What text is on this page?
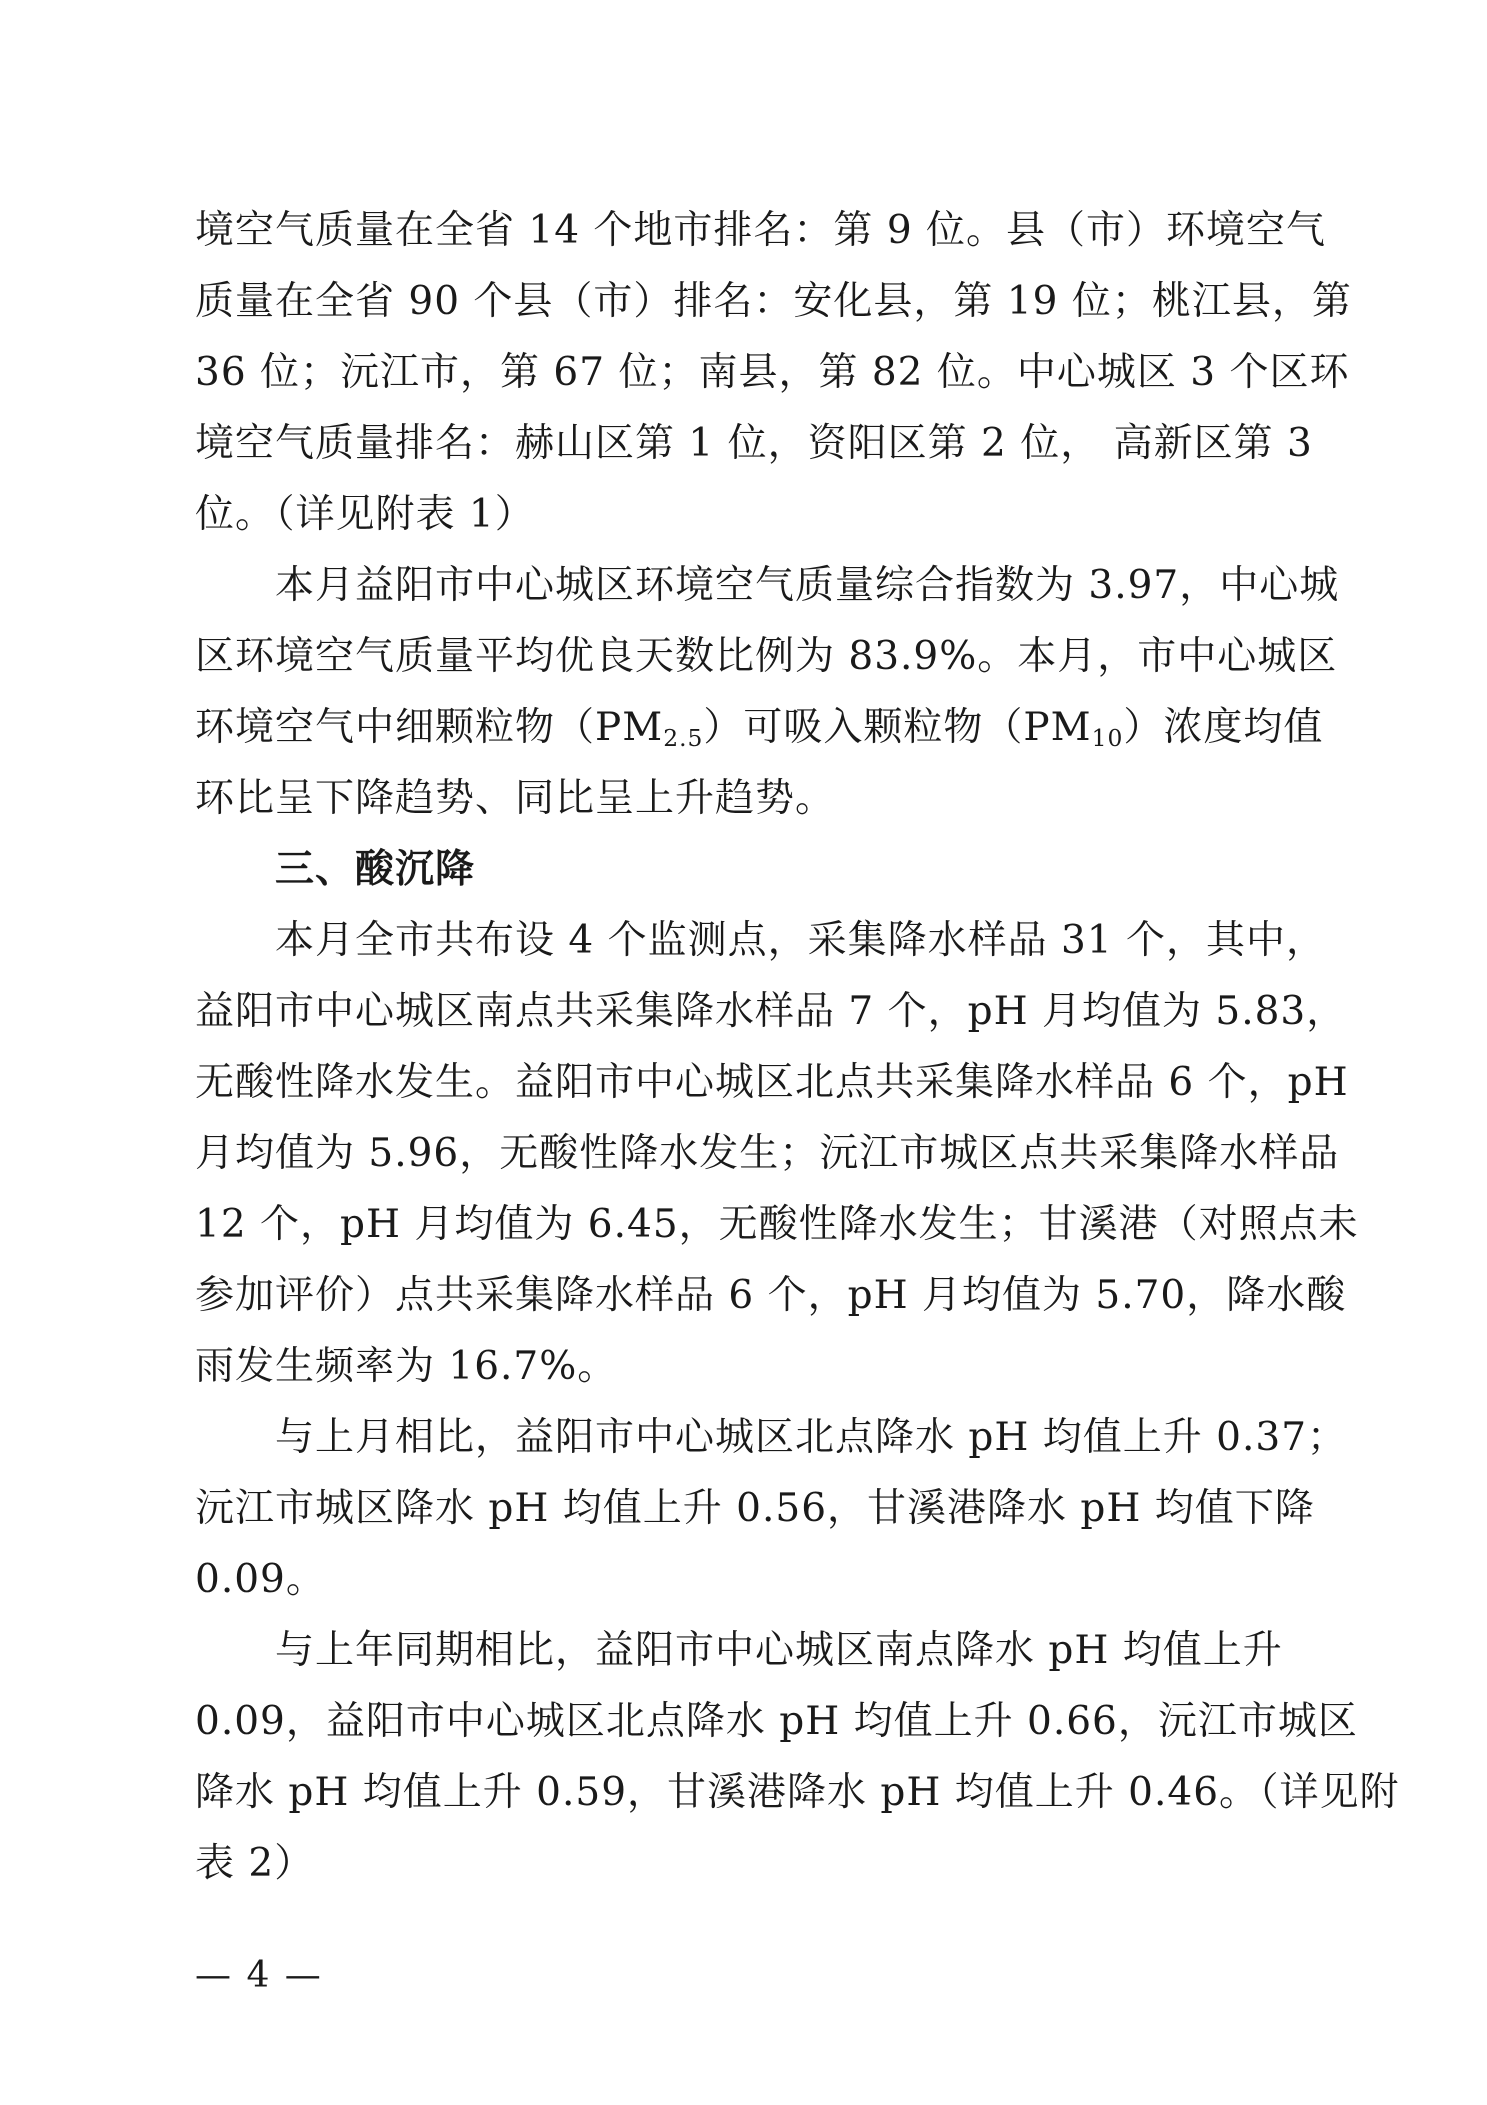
境空气质量在全省 14 个地市排名：第 9 位。县（市）环境空气
质量在全省 90 个县（市）排名：安化县，第 19 位；桃江县，第
36 位；沅江市，第 67 位；南县，第 82 位。中心城区 3 个区环
境空气质量排名：赫山区第 1 位，资阳区第 2 位， 高新区第 3
位。（详见附表 1）
本月益阳市中心城区环境空气质量综合指数为 3.97，中心城
区环境空气质量平均优良天数比例为 83.9%。本月，市中心城区
环境空气中细颗粒物$(PM_{2.5})$可吸入颗粒物$(PM_{10})$浓度均值
环比呈下降趋势、同比呈上升趋势。
三、酸沉降
本月全市共布设 4 个监测点，采集降水样品 31 个，其中，
益阳市中心城区南点共采集降水样品 7 个，pH 月均值为 5.83，
无酸性降水发生。益阳市中心城区北点共采集降水样品 6 个，pH
月均值为 5.96，无酸性降水发生；沅江市城区点共采集降水样品
12 个，pH 月均值为 6.45，无酸性降水发生；甘溪港（对照点未
参加评价）点共采集降水样品 6 个，pH 月均值为 5.70，降水酸
雨发生频率为 16.7%。
与上月相比，益阳市中心城区北点降水 pH 均值上升 0.37；
沅江市城区降水 pH 均值上升 0.56，甘溪港降水 pH 均值下降
0.09。
与上年同期相比，益阳市中心城区南点降水 pH 均值上升
0.09，益阳市中心城区北点降水 pH 均值上升 0.66，沅江市城区
降水 pH 均值上升 0.59，甘溪港降水 pH 均值上升 0.46。（详见附
表 2）
— 4 —
